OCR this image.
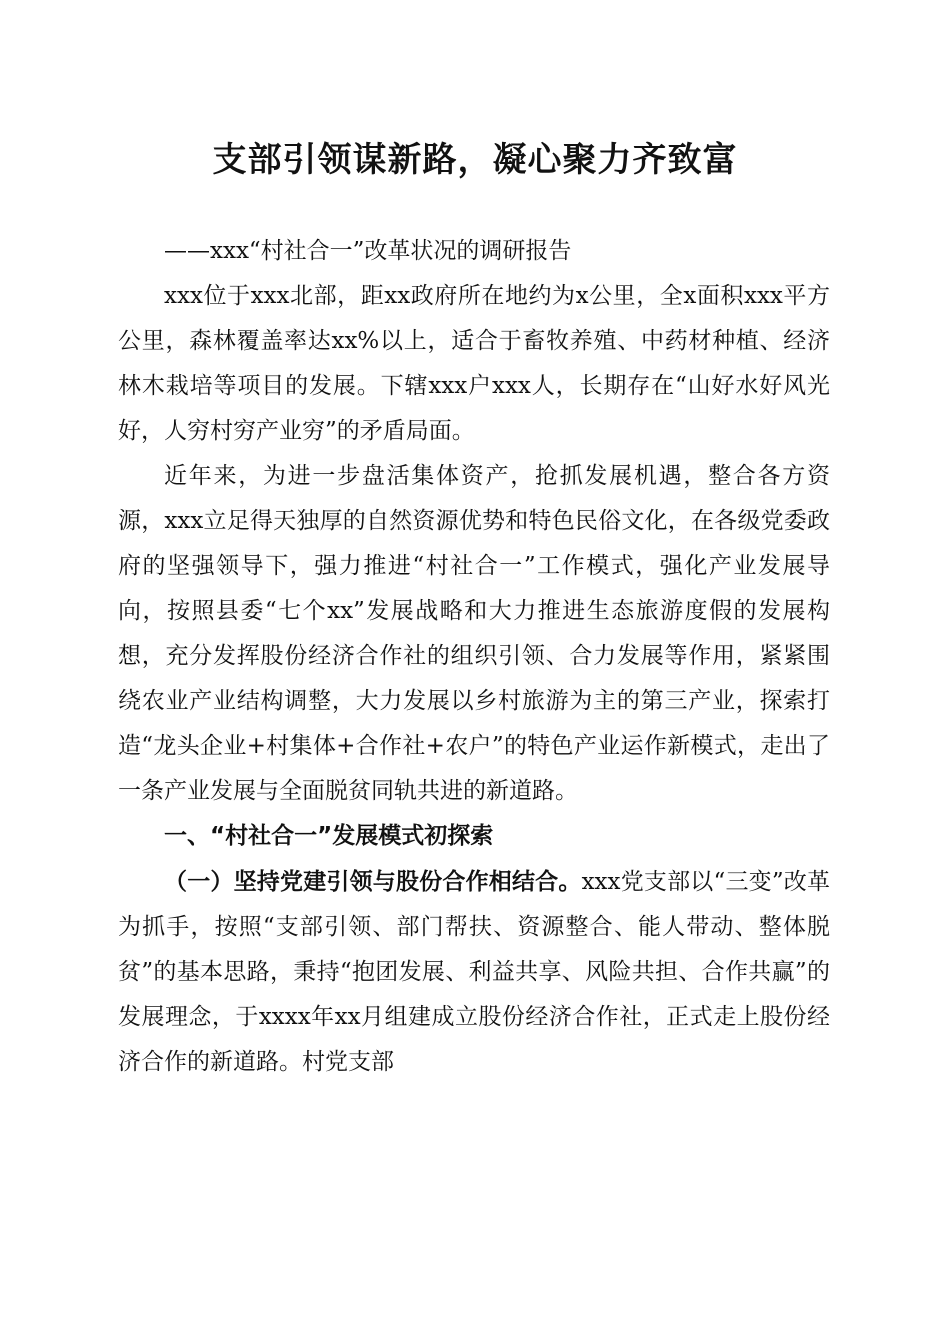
支部引领谋新路，凝心聚力齐致富

——xxx“村社合一”改革状况的调研报告

xxx位于xxx北部，距xx政府所在地约为x公里，全x面积xxx平方公里，森林覆盖率达xx%以上，适合于畜牧养殖、中药材种植、经济林木栽培等项目的发展。下辖xxx户xxx人，长期存在“山好水好风光好，人穷村穷产业穷”的矛盾局面。

近年来，为进一步盘活集体资产，抢抓发展机遇，整合各方资源，xxx立足得天独厚的自然资源优势和特色民俗文化，在各级党委政府的坚强领导下，强力推进“村社合一”工作模式，强化产业发展导向，按照县委“七个xx”发展战略和大力推进生态旅游度假的发展构想，充分发挥股份经济合作社的组织引领、合力发展等作用，紧紧围绕农业产业结构调整，大力发展以乡村旅游为主的第三产业，探索打造“龙头企业+村集体+合作社+农户”的特色产业运作新模式，走出了一条产业发展与全面脱贫同轨共进的新道路。

一、“村社合一”发展模式初探索

（一）坚持党建引领与股份合作相结合。xxx党支部以“三变”改革为抓手，按照“支部引领、部门帮扶、资源整合、能人带动、整体脱贫”的基本思路，秉持“抱团发展、利益共享、风险共担、合作共赢”的发展理念，于xxxx年xx月组建成立股份经济合作社，正式走上股份经济合作的新道路。村党支部
